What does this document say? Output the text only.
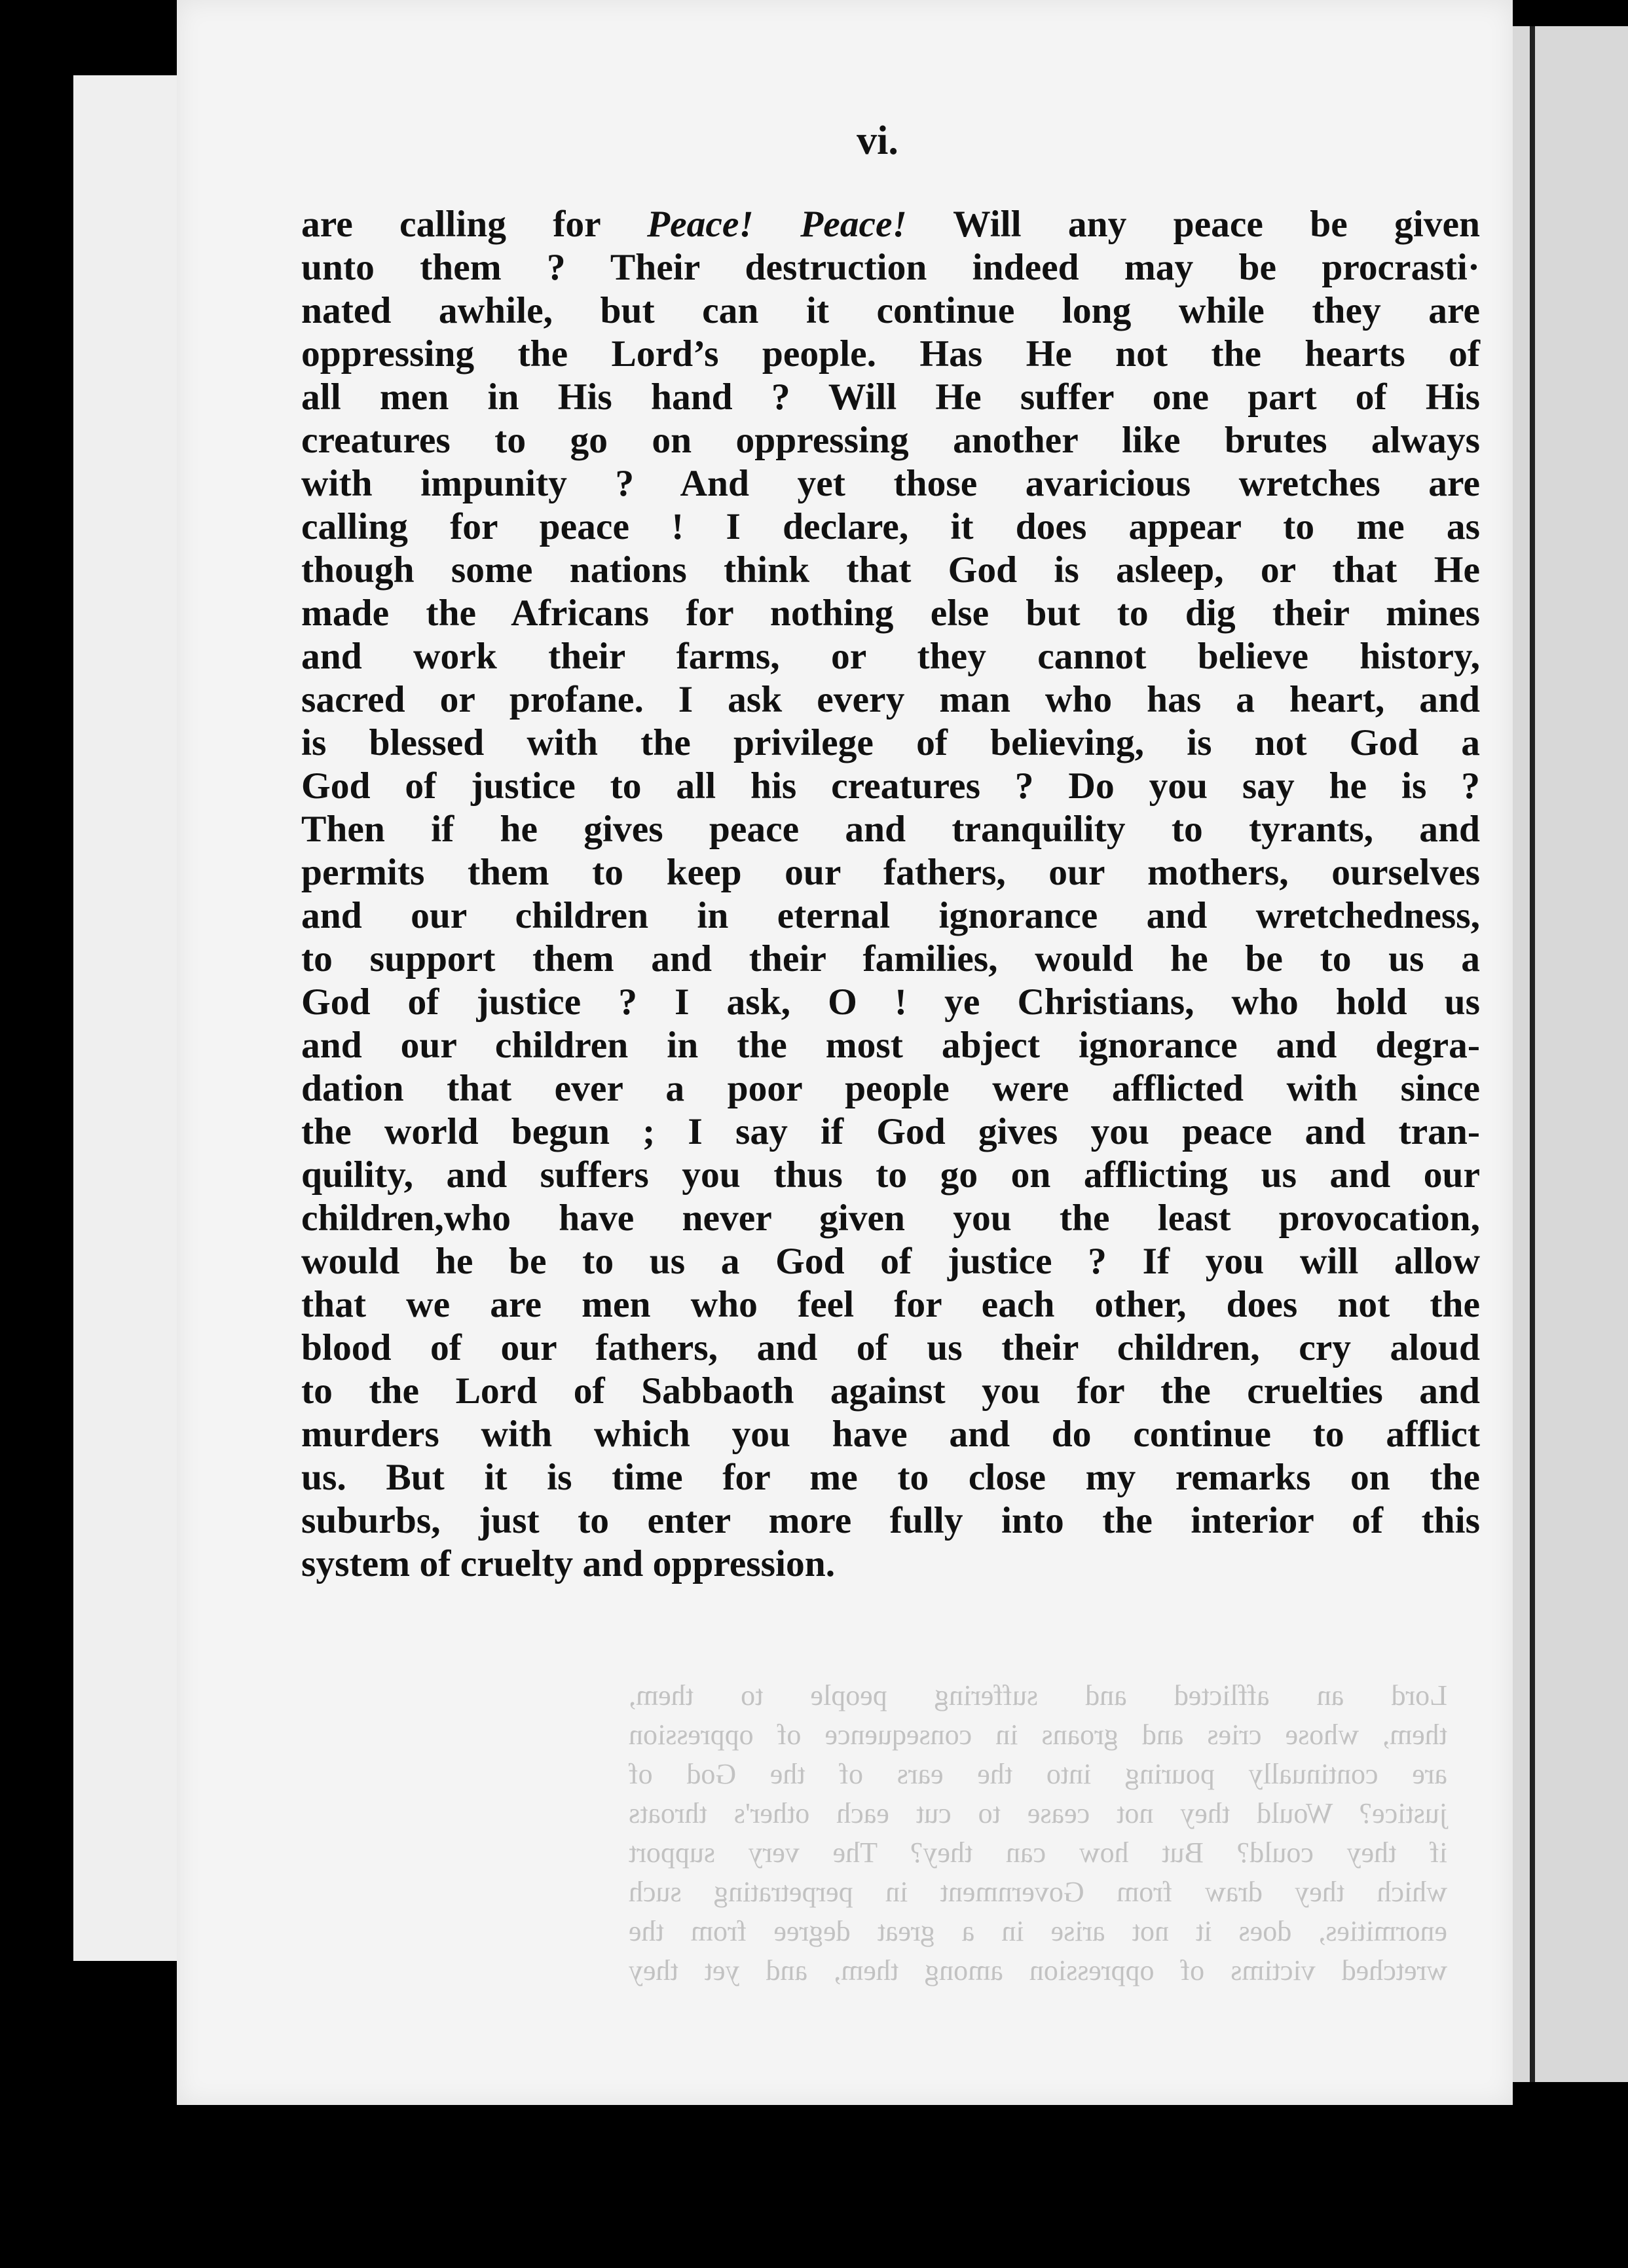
Lord an afflicted and suffering people to them,
them, whose cries and groans in consequence of oppression
are continually pouring into the ears of the God of
justice? Would they not cease to cut each other's throats
if they could? But how can they? The very support
which they draw from Government in perpetrating such
enormities, does it not arise in a great degree from the
wretched victims of oppression among them, and yet they
vi.
are calling for Peace! Peace! Will any peace be given
unto them ? Their destruction indeed may be procrasti·
nated awhile, but can it continue long while they are
oppressing the Lord’s people. Has He not the hearts of
all men in His hand ? Will He suffer one part of His
creatures to go on oppressing another like brutes always
with impunity ? And yet those avaricious wretches are
calling for peace ! I declare, it does appear to me as
though some nations think that God is asleep, or that He
made the Africans for nothing else but to dig their mines
and work their farms, or they cannot believe history,
sacred or profane. I ask every man who has a heart, and
is blessed with the privilege of believing, is not God a
God of justice to all his creatures ? Do you say he is ?
Then if he gives peace and tranquility to tyrants, and
permits them to keep our fathers, our mothers, ourselves
and our children in eternal ignorance and wretchedness,
to support them and their families, would he be to us a
God of justice ? I ask, O ! ye Christians, who hold us
and our children in the most abject ignorance and degra-
dation that ever a poor people were afflicted with since
the world begun ; I say if God gives you peace and tran-
quility, and suffers you thus to go on afflicting us and our
children,who have never given you the least provocation,
would he be to us a God of justice ? If you will allow
that we are men who feel for each other, does not the
blood of our fathers, and of us their children, cry aloud
to the Lord of Sabbaoth against you for the cruelties and
murders with which you have and do continue to afflict
us. But it is time for me to close my remarks on the
suburbs, just to enter more fully into the interior of this
system of cruelty and oppression.
